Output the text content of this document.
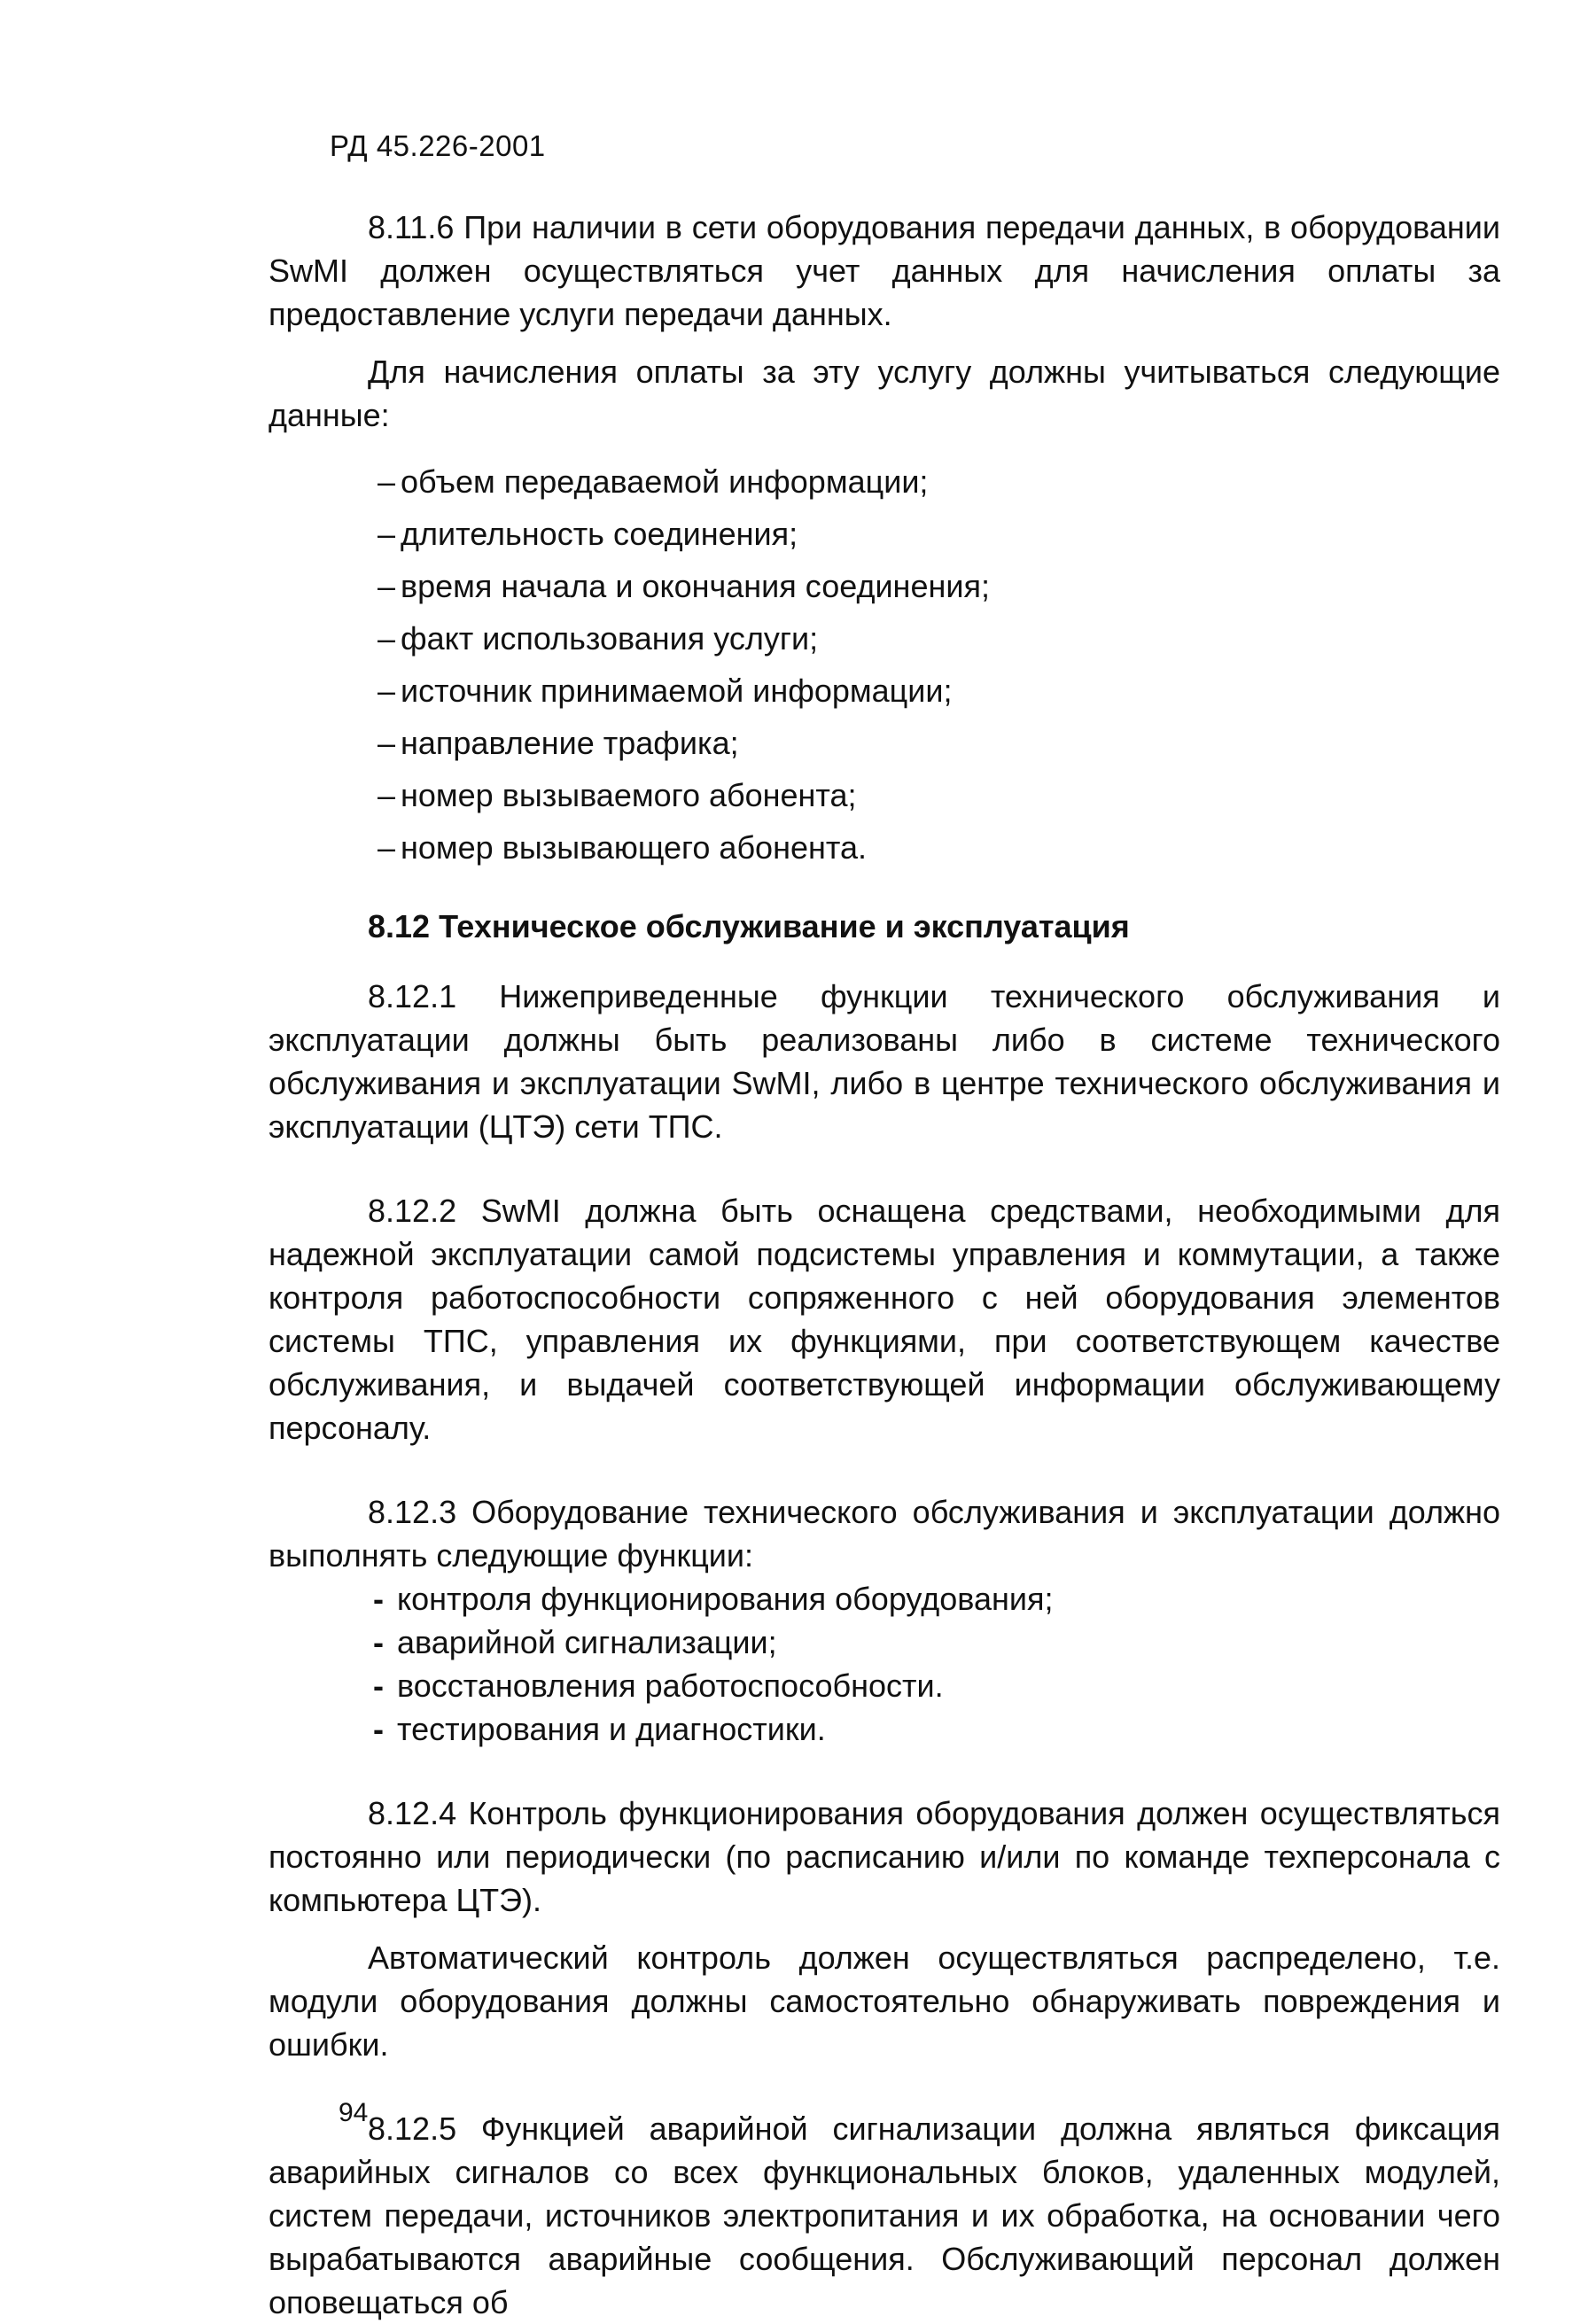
РД 45.226-2001

8.11.6 При наличии в сети оборудования передачи данных, в оборудовании SwMI должен осуществляться учет данных для начисления оплаты за предоставление услуги передачи данных.

Для начисления оплаты за эту услугу должны учитываться следующие данные:

– объем передаваемой информации;
– длительность соединения;
– время начала и окончания соединения;
– факт использования услуги;
– источник принимаемой информации;
– направление трафика;
– номер вызываемого абонента;
– номер вызывающего абонента.
8.12 Техническое обслуживание и эксплуатация

8.12.1 Нижеприведенные функции технического обслуживания и эксплуатации должны быть реализованы либо в системе технического обслуживания и эксплуатации SwMI, либо в центре технического обслуживания и эксплуатации (ЦТЭ) сети ТПС.

8.12.2 SwMI должна быть оснащена средствами, необходимыми для надежной эксплуатации самой подсистемы управления и коммутации, а также контроля работоспособности сопряженного с ней оборудования элементов системы ТПС, управления их функциями, при соответствующем качестве обслуживания, и выдачей соответствующей информации обслуживающему персоналу.

8.12.3 Оборудование технического обслуживания и эксплуатации должно выполнять следующие функции:

- контроля функционирования оборудования;
- аварийной сигнализации;
- восстановления работоспособности.
- тестирования и диагностики.

8.12.4 Контроль функционирования оборудования должен осуществляться постоянно или периодически (по расписанию и/или по команде техперсонала с компьютера ЦТЭ).

Автоматический контроль должен осуществляться распределено, т.е. модули оборудования должны самостоятельно обнаруживать повреждения и ошибки.

8.12.5 Функцией аварийной сигнализации должна являться фиксация аварийных сигналов со всех функциональных блоков, удаленных модулей, систем передачи, источников электропитания и их обработка, на основании чего вырабатываются аварийные сообщения. Обслуживающий персонал должен оповещаться об

94
